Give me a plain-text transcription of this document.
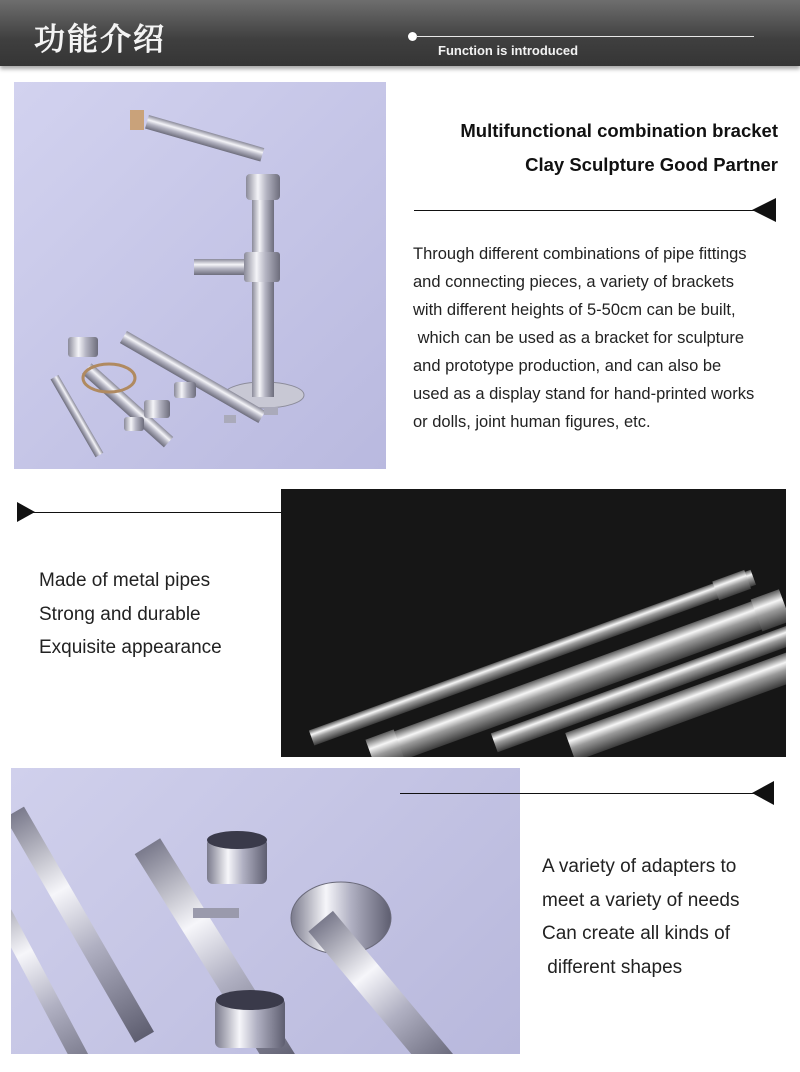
功能介绍	Function is introduced
Multifunctional combination bracket
Clay Sculpture Good Partner
Through different combinations of pipe fittings
and connecting pieces, a variety of brackets
with different heights of 5-50cm can be built,
which can be used as a bracket for sculpture
and prototype production, and can also be
used as a display stand for hand-printed works
or dolls, joint human figures, etc.
Made of metal pipes
Strong and durable
Exquisite appearance
A variety of adapters to
meet a variety of needs
Can create all kinds of
different shapes
